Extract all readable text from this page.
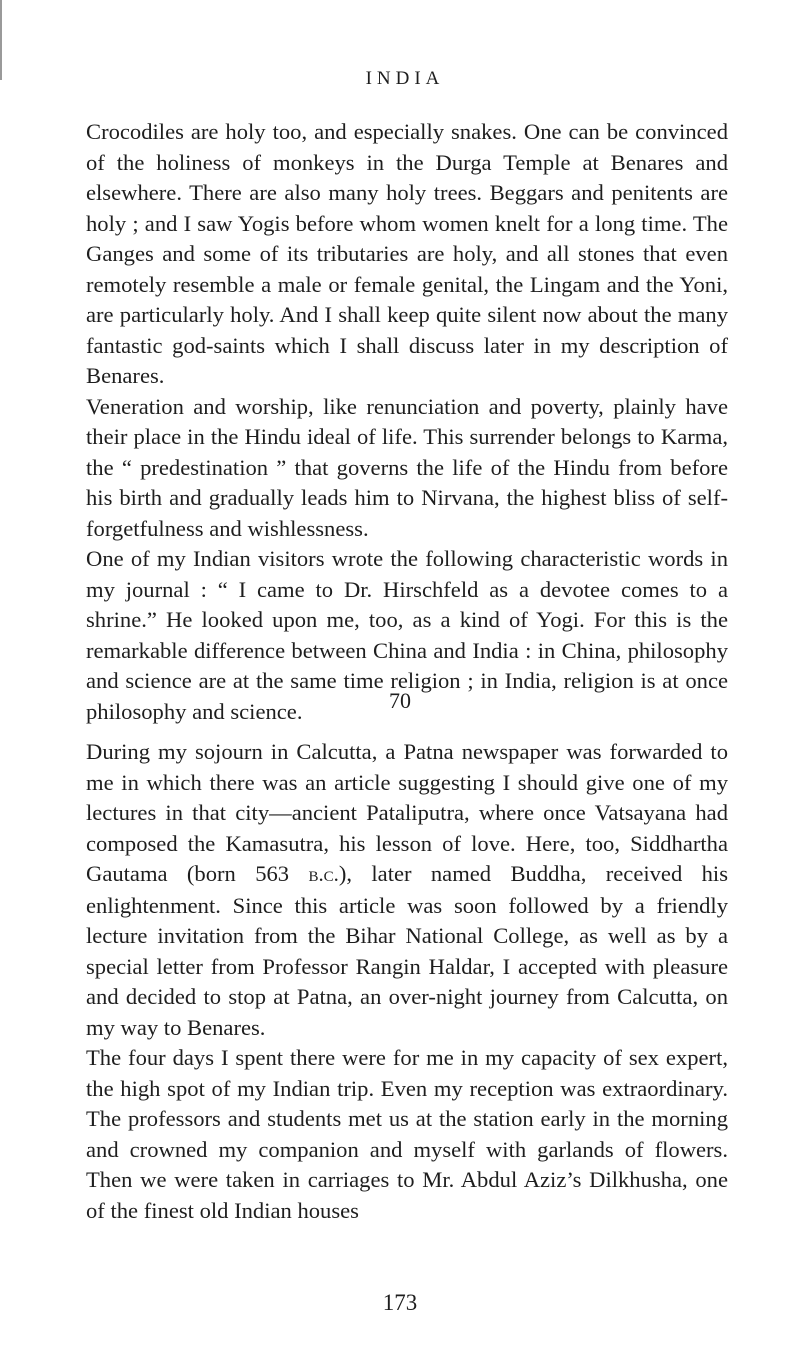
INDIA

Crocodiles are holy too, and especially snakes. One can be convinced of the holiness of monkeys in the Durga Temple at Benares and elsewhere. There are also many holy trees. Beggars and penitents are holy ; and I saw Yogis before whom women knelt for a long time. The Ganges and some of its tributaries are holy, and all stones that even remotely resemble a male or female genital, the Lingam and the Yoni, are particularly holy. And I shall keep quite silent now about the many fantastic god-saints which I shall discuss later in my description of Benares.

Veneration and worship, like renunciation and poverty, plainly have their place in the Hindu ideal of life. This surrender belongs to Karma, the “ predestination ” that governs the life of the Hindu from before his birth and gradually leads him to Nirvana, the highest bliss of self-forgetfulness and wishlessness.

One of my Indian visitors wrote the following characteristic words in my journal : “ I came to Dr. Hirschfeld as a devotee comes to a shrine.” He looked upon me, too, as a kind of Yogi. For this is the remarkable difference between China and India : in China, philosophy and science are at the same time religion ; in India, religion is at once philosophy and science.	70

During my sojourn in Calcutta, a Patna newspaper was forwarded to me in which there was an article suggesting I should give one of my lectures in that city—ancient Pataliputra, where once Vatsayana had composed the Kamasutra, his lesson of love. Here, too, Siddhartha Gautama (born 563 b.c.), later named Buddha, received his enlightenment. Since this article was soon followed by a friendly lecture invitation from the Bihar National College, as well as by a special letter from Professor Rangin Haldar, I accepted with pleasure and decided to stop at Patna, an over-night journey from Calcutta, on my way to Benares.

The four days I spent there were for me in my capacity of sex expert, the high spot of my Indian trip. Even my reception was extraordinary. The professors and students met us at the station early in the morning and crowned my companion and myself with garlands of flowers. Then we were taken in carriages to Mr. Abdul Aziz’s Dilkhusha, one of the finest old Indian houses

173
